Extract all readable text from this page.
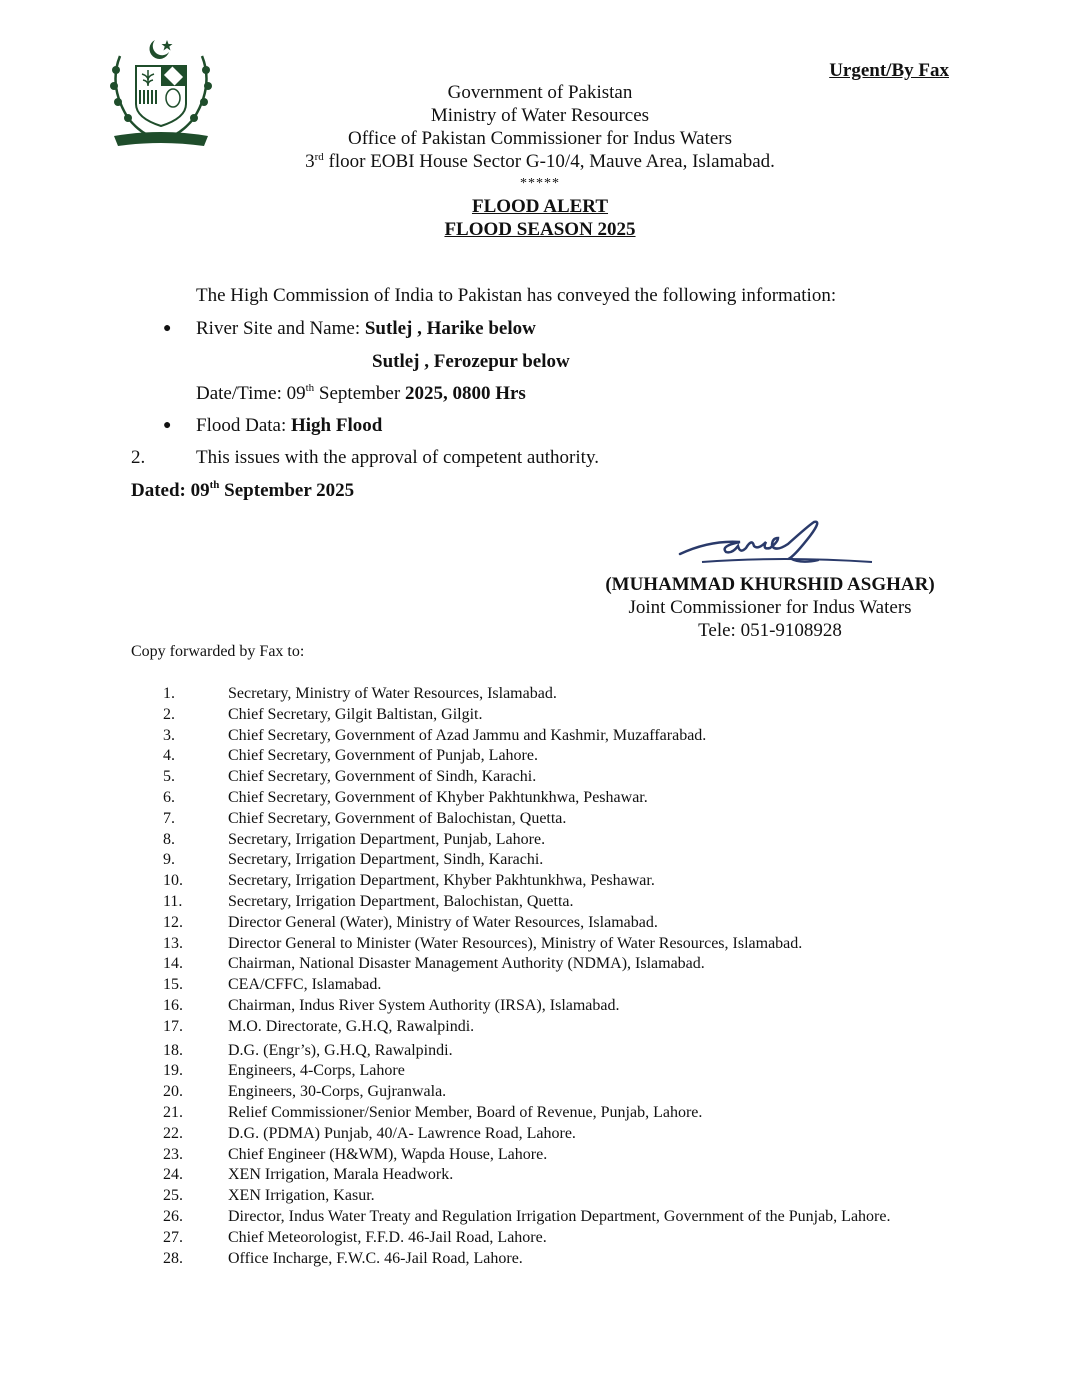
Urgent/By Fax
Government of Pakistan
Ministry of Water Resources
Office of Pakistan Commissioner for Indus Waters
3rd floor EOBI House Sector G-10/4, Mauve Area, Islamabad.
*****
FLOOD ALERT
FLOOD SEASON 2025
The High Commission of India to Pakistan has conveyed the following information:
● River Site and Name: Sutlej , Harike below
Sutlej , Ferozepur below
Date/Time: 09th September 2025, 0800 Hrs
● Flood Data: High Flood
2.	This issues with the approval of competent authority.
Dated: 09th September 2025
(MUHAMMAD KHURSHID ASGHAR)
Joint Commissioner for Indus Waters
Tele: 051-9108928
Copy forwarded by Fax to:
1.	Secretary, Ministry of Water Resources, Islamabad.
2.	Chief Secretary, Gilgit Baltistan, Gilgit.
3.	Chief Secretary, Government of Azad Jammu and Kashmir, Muzaffarabad.
4.	Chief Secretary, Government of Punjab, Lahore.
5.	Chief Secretary, Government of Sindh, Karachi.
6.	Chief Secretary, Government of Khyber Pakhtunkhwa, Peshawar.
7.	Chief Secretary, Government of Balochistan, Quetta.
8.	Secretary, Irrigation Department, Punjab, Lahore.
9.	Secretary, Irrigation Department, Sindh, Karachi.
10.	Secretary, Irrigation Department, Khyber Pakhtunkhwa, Peshawar.
11.	Secretary, Irrigation Department, Balochistan, Quetta.
12.	Director General (Water), Ministry of Water Resources, Islamabad.
13.	Director General to Minister (Water Resources), Ministry of Water Resources, Islamabad.
14.	Chairman, National Disaster Management Authority (NDMA), Islamabad.
15.	CEA/CFFC, Islamabad.
16.	Chairman, Indus River System Authority (IRSA), Islamabad.
17.	M.O. Directorate, G.H.Q, Rawalpindi.
18.	D.G. (Engr’s), G.H.Q, Rawalpindi.
19.	Engineers, 4-Corps, Lahore
20.	Engineers, 30-Corps, Gujranwala.
21.	Relief Commissioner/Senior Member, Board of Revenue, Punjab, Lahore.
22.	D.G. (PDMA) Punjab, 40/A- Lawrence Road, Lahore.
23.	Chief Engineer (H&WM), Wapda House, Lahore.
24.	XEN Irrigation, Marala Headwork.
25.	XEN Irrigation, Kasur.
26.	Director, Indus Water Treaty and Regulation Irrigation Department, Government of the Punjab, Lahore.
27.	Chief Meteorologist, F.F.D. 46-Jail Road, Lahore.
28.	Office Incharge, F.W.C. 46-Jail Road, Lahore.
